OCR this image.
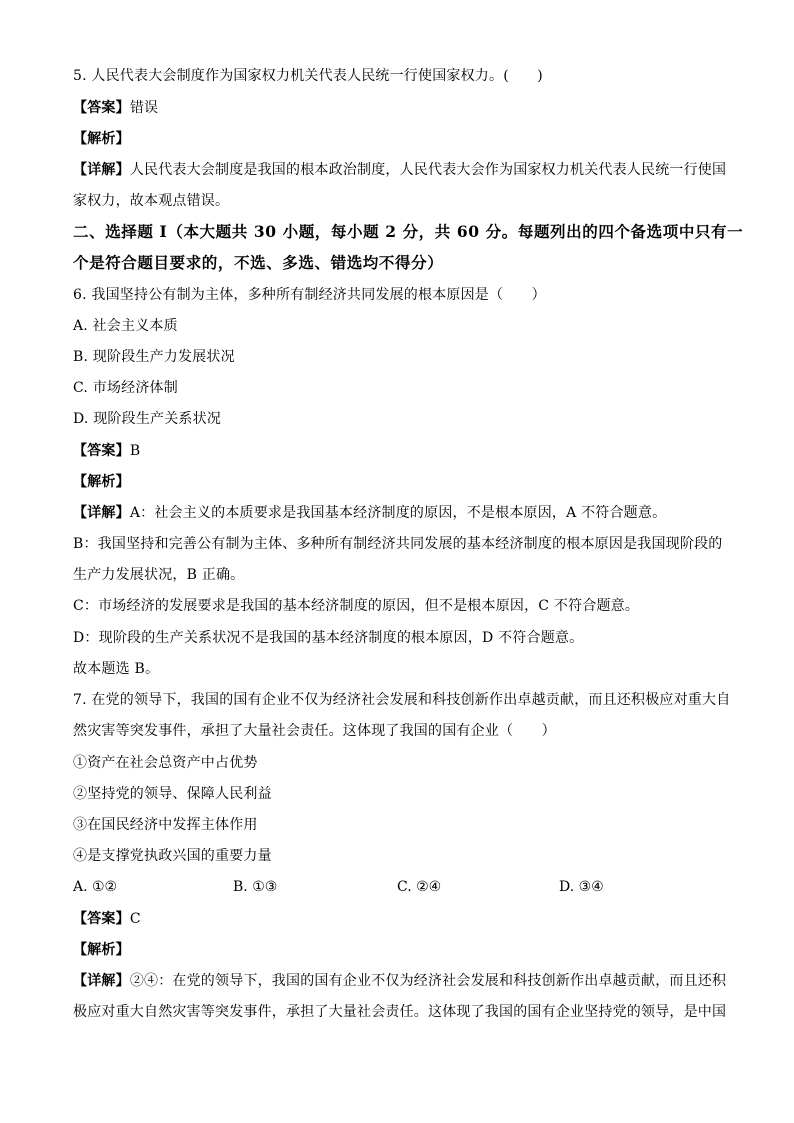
5. 人民代表大会制度作为国家权力机关代表人民统一行使国家权力。(　　)
【答案】错误
【解析】
【详解】人民代表大会制度是我国的根本政治制度，人民代表大会作为国家权力机关代表人民统一行使国
家权力，故本观点错误。
二、选择题 I（本大题共 30 小题，每小题 2 分，共 60 分。每题列出的四个备选项中只有一
个是符合题目要求的，不选、多选、错选均不得分）
6. 我国坚持公有制为主体，多种所有制经济共同发展的根本原因是（　　）
A. 社会主义本质
B. 现阶段生产力发展状况
C. 市场经济体制
D. 现阶段生产关系状况
【答案】B
【解析】
【详解】A：社会主义的本质要求是我国基本经济制度的原因，不是根本原因，A 不符合题意。
B：我国坚持和完善公有制为主体、多种所有制经济共同发展的基本经济制度的根本原因是我国现阶段的
生产力发展状况，B 正确。
C：市场经济的发展要求是我国的基本经济制度的原因，但不是根本原因，C 不符合题意。
D：现阶段的生产关系状况不是我国的基本经济制度的根本原因，D 不符合题意。
故本题选 B。
7. 在党的领导下，我国的国有企业不仅为经济社会发展和科技创新作出卓越贡献，而且还积极应对重大自
然灾害等突发事件，承担了大量社会责任。这体现了我国的国有企业（　　）
①资产在社会总资产中占优势
②坚持党的领导、保障人民利益
③在国民经济中发挥主体作用
④是支撑党执政兴国的重要力量
A. ①②	B. ①③	C. ②④	D. ③④
【答案】C
【解析】
【详解】②④：在党的领导下，我国的国有企业不仅为经济社会发展和科技创新作出卓越贡献，而且还积
极应对重大自然灾害等突发事件，承担了大量社会责任。这体现了我国的国有企业坚持党的领导，是中国
